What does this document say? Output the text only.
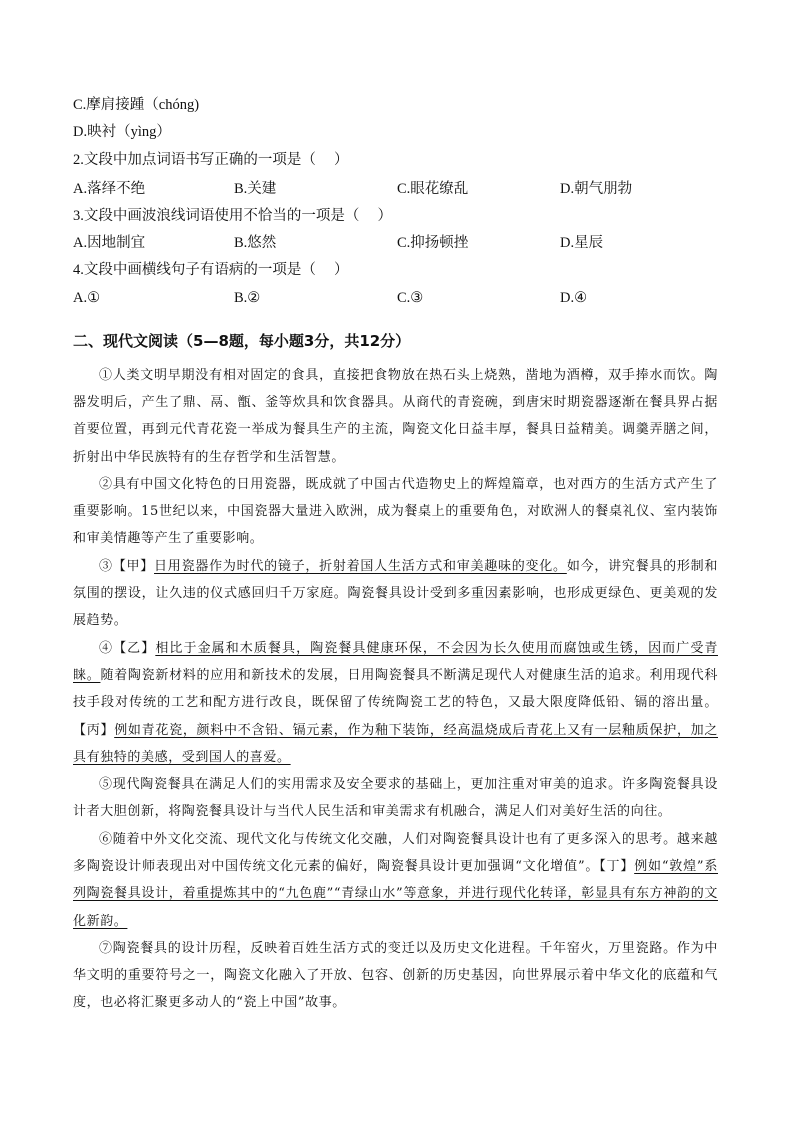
C.摩肩接踵（chóng)
D.映衬（yìng）
2.文段中加点词语书写正确的一项是（　 ）
A.落绎不绝	B.关建	C.眼花缭乱	D.朝气朋勃
3.文段中画波浪线词语使用不恰当的一项是（　 ）
A.因地制宜	B.悠然	C.抑扬顿挫	D.星辰
4.文段中画横线句子有语病的一项是（　 ）
A.①	B.②	C.③	D.④
二、现代文阅读（5—8题，每小题3分，共12分）
①人类文明早期没有相对固定的食具，直接把食物放在热石头上烧熟，凿地为酒樽，双手捧水而饮。陶器发明后，产生了鼎、鬲、甑、釜等炊具和饮食器具。从商代的青瓷碗，到唐宋时期瓷器逐渐在餐具界占据首要位置，再到元代青花瓷一举成为餐具生产的主流，陶瓷文化日益丰厚，餐具日益精美。调羹弄膳之间，折射出中华民族特有的生存哲学和生活智慧。
②具有中国文化特色的日用瓷器，既成就了中国古代造物史上的辉煌篇章，也对西方的生活方式产生了重要影响。15世纪以来，中国瓷器大量进入欧洲，成为餐桌上的重要角色，对欧洲人的餐桌礼仪、室内装饰和审美情趣等产生了重要影响。
③【甲】日用瓷器作为时代的镜子，折射着国人生活方式和审美趣味的变化。如今，讲究餐具的形制和氛围的摆设，让久违的仪式感回归千万家庭。陶瓷餐具设计受到多重因素影响，也形成更绿色、更美观的发展趋势。
④【乙】相比于金属和木质餐具，陶瓷餐具健康环保，不会因为长久使用而腐蚀或生锈，因而广受青睐。随着陶瓷新材料的应用和新技术的发展，日用陶瓷餐具不断满足现代人对健康生活的追求。利用现代科技手段对传统的工艺和配方进行改良，既保留了传统陶瓷工艺的特色，又最大限度降低铅、镉的溶出量。【丙】例如青花瓷，颜料中不含铅、镉元素，作为釉下装饰，经高温烧成后青花上又有一层釉质保护，加之具有独特的美感，受到国人的喜爱。
⑤现代陶瓷餐具在满足人们的实用需求及安全要求的基础上，更加注重对审美的追求。许多陶瓷餐具设计者大胆创新，将陶瓷餐具设计与当代人民生活和审美需求有机融合，满足人们对美好生活的向往。
⑥随着中外文化交流、现代文化与传统文化交融，人们对陶瓷餐具设计也有了更多深入的思考。越来越多陶瓷设计师表现出对中国传统文化元素的偏好，陶瓷餐具设计更加强调“文化增值”。【丁】例如“敦煌”系列陶瓷餐具设计，着重提炼其中的“九色鹿”“青绿山水”等意象，并进行现代化转译，彰显具有东方神韵的文化新韵。
⑦陶瓷餐具的设计历程，反映着百姓生活方式的变迁以及历史文化进程。千年窑火，万里瓷路。作为中华文明的重要符号之一，陶瓷文化融入了开放、包容、创新的历史基因，向世界展示着中华文化的底蕴和气度，也必将汇聚更多动人的“瓷上中国”故事。
